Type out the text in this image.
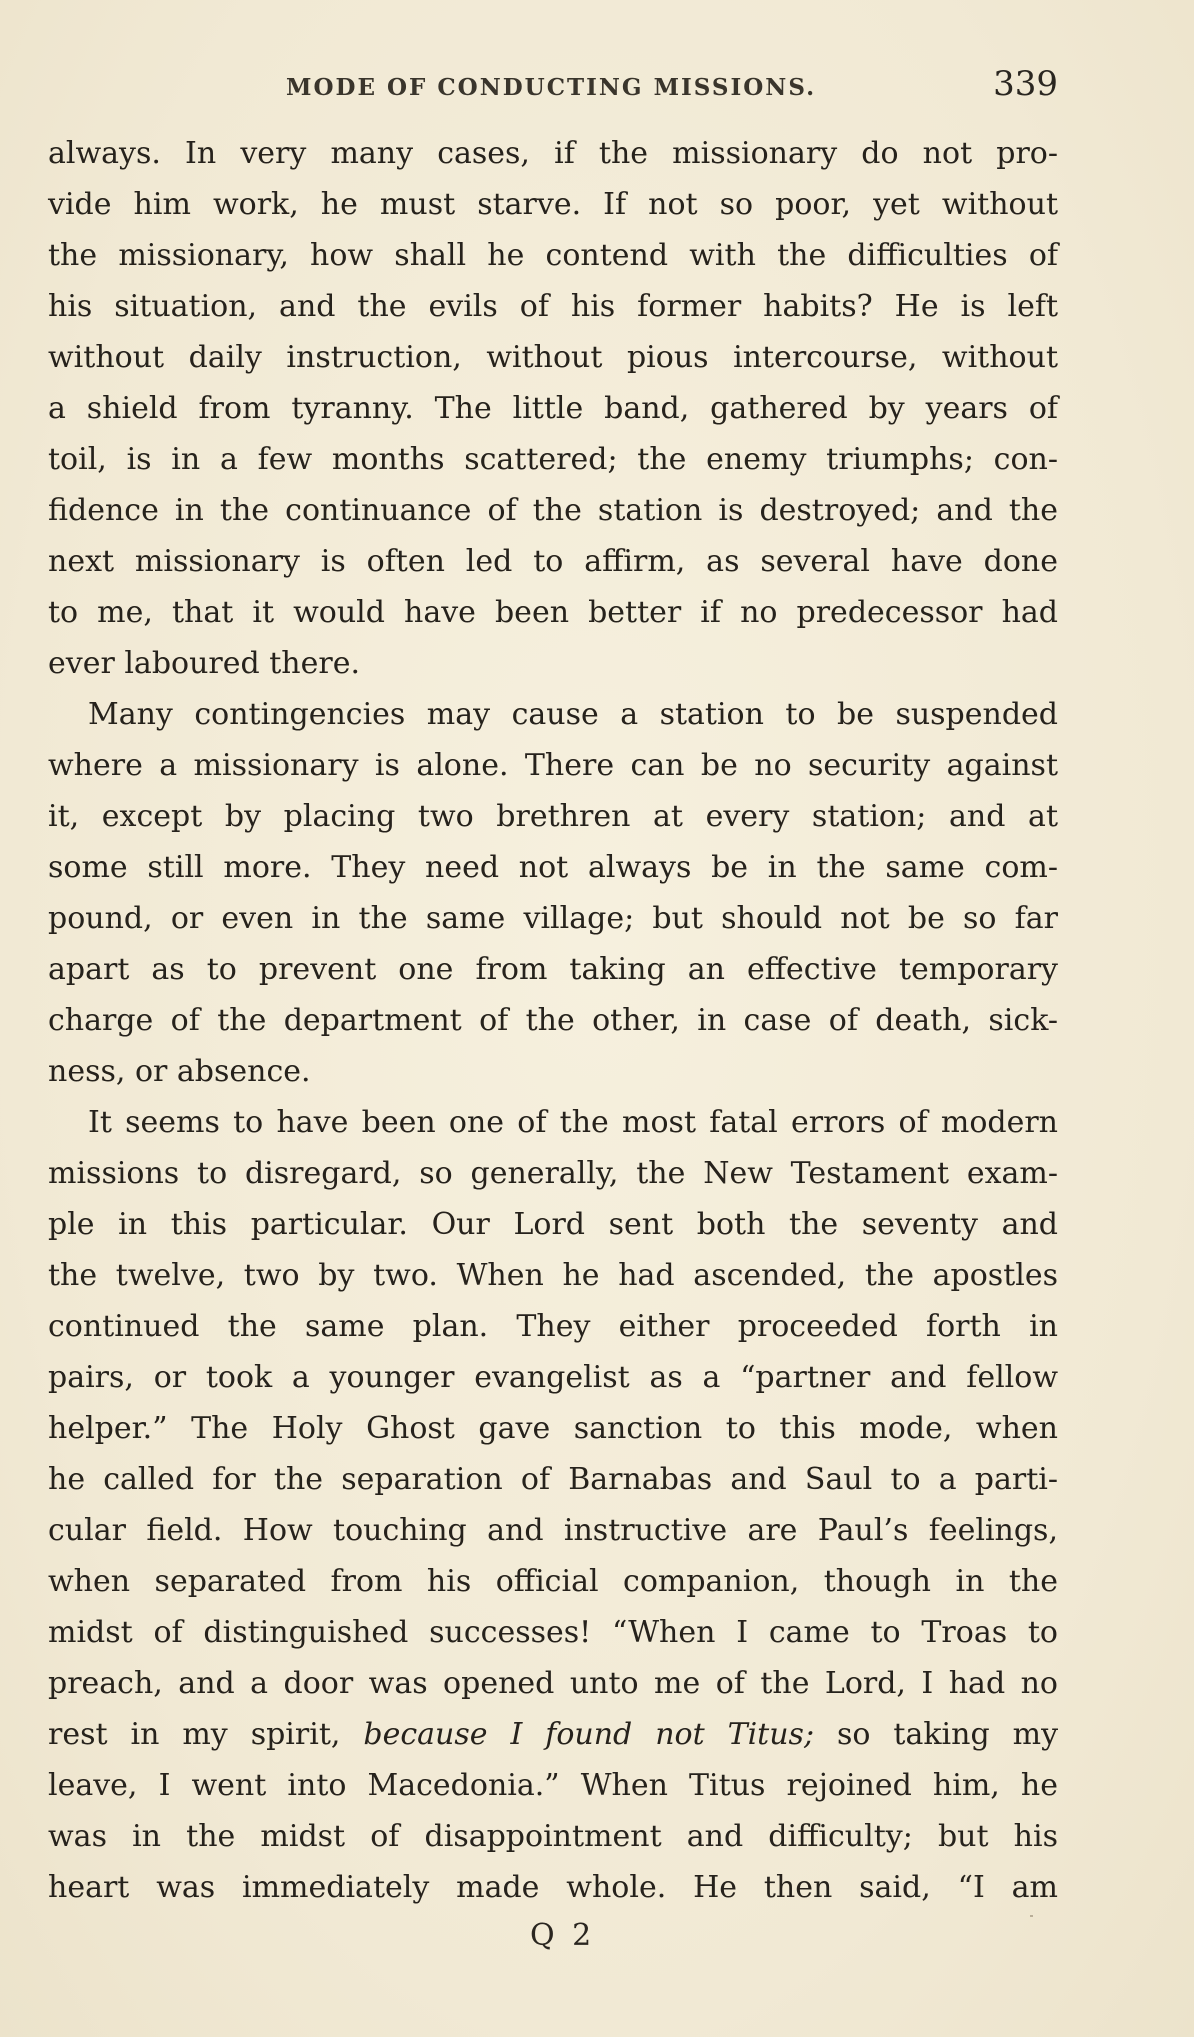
MODE OF CONDUCTING MISSIONS.	339
always. In very many cases, if the missionary do not pro-
vide him work, he must starve. If not so poor, yet without
the missionary, how shall he contend with the difficulties of
his situation, and the evils of his former habits? He is left
without daily instruction, without pious intercourse, without
a shield from tyranny. The little band, gathered by years of
toil, is in a few months scattered; the enemy triumphs; con-
fidence in the continuance of the station is destroyed; and the
next missionary is often led to affirm, as several have done
to me, that it would have been better if no predecessor had
ever laboured there.
Many contingencies may cause a station to be suspended
where a missionary is alone. There can be no security against
it, except by placing two brethren at every station; and at
some still more. They need not always be in the same com-
pound, or even in the same village; but should not be so far
apart as to prevent one from taking an effective temporary
charge of the department of the other, in case of death, sick-
ness, or absence.
It seems to have been one of the most fatal errors of modern
missions to disregard, so generally, the New Testament exam-
ple in this particular. Our Lord sent both the seventy and
the twelve, two by two. When he had ascended, the apostles
continued the same plan. They either proceeded forth in
pairs, or took a younger evangelist as a “partner and fellow
helper.” The Holy Ghost gave sanction to this mode, when
he called for the separation of Barnabas and Saul to a parti-
cular field. How touching and instructive are Paul’s feelings,
when separated from his official companion, though in the
midst of distinguished successes! “When I came to Troas to
preach, and a door was opened unto me of the Lord, I had no
rest in my spirit, because I found not Titus; so taking my
leave, I went into Macedonia.” When Titus rejoined him, he
was in the midst of disappointment and difficulty; but his
heart was immediately made whole. He then said, “I am
Q 2
